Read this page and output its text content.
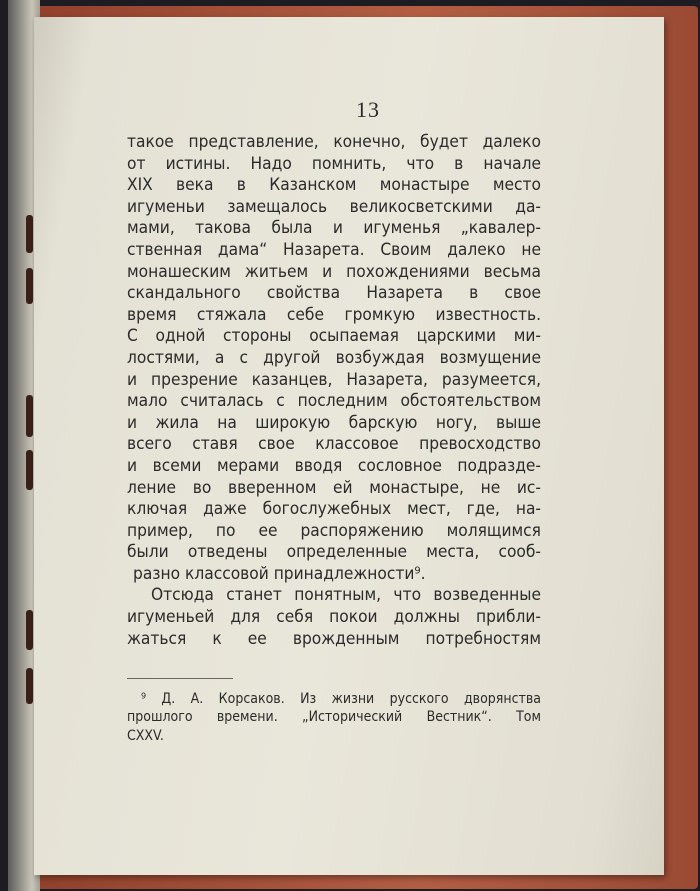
13
такое представление, конечно, будет далеко
от истины. Надо помнить, что в начале
XIX века в Казанском монастыре место
игуменьи замещалось великосветскими да-
мами, такова была и игуменья „кавалер-
ственная дама“ Назарета. Своим далеко не
монашеским житьем и похождениями весьма
скандального свойства Назарета в свое
время стяжала себе громкую известность.
С одной стороны осыпаемая царскими ми-
лостями, а с другой возбуждая возмущение
и презрение казанцев, Назарета, разумеется,
мало считалась с последним обстоятельством
и жила на широкую барскую ногу, выше
всего ставя свое классовое превосходство
и всеми мерами вводя сословное подразде-
ление во вверенном ей монастыре, не ис-
ключая даже богослужебных мест, где, на-
пример, по ее распоряжению молящимся
были отведены определенные места, сооб-
разно классовой принадлежности⁹.
Отсюда станет понятным, что возведенные
игуменьей для себя покои должны прибли-
жаться к ее врожденным потребностям
⁹ Д. А. Корсаков. Из жизни русского дворянства
прошлого времени. „Исторический Вестник“. Том
CXXV.
